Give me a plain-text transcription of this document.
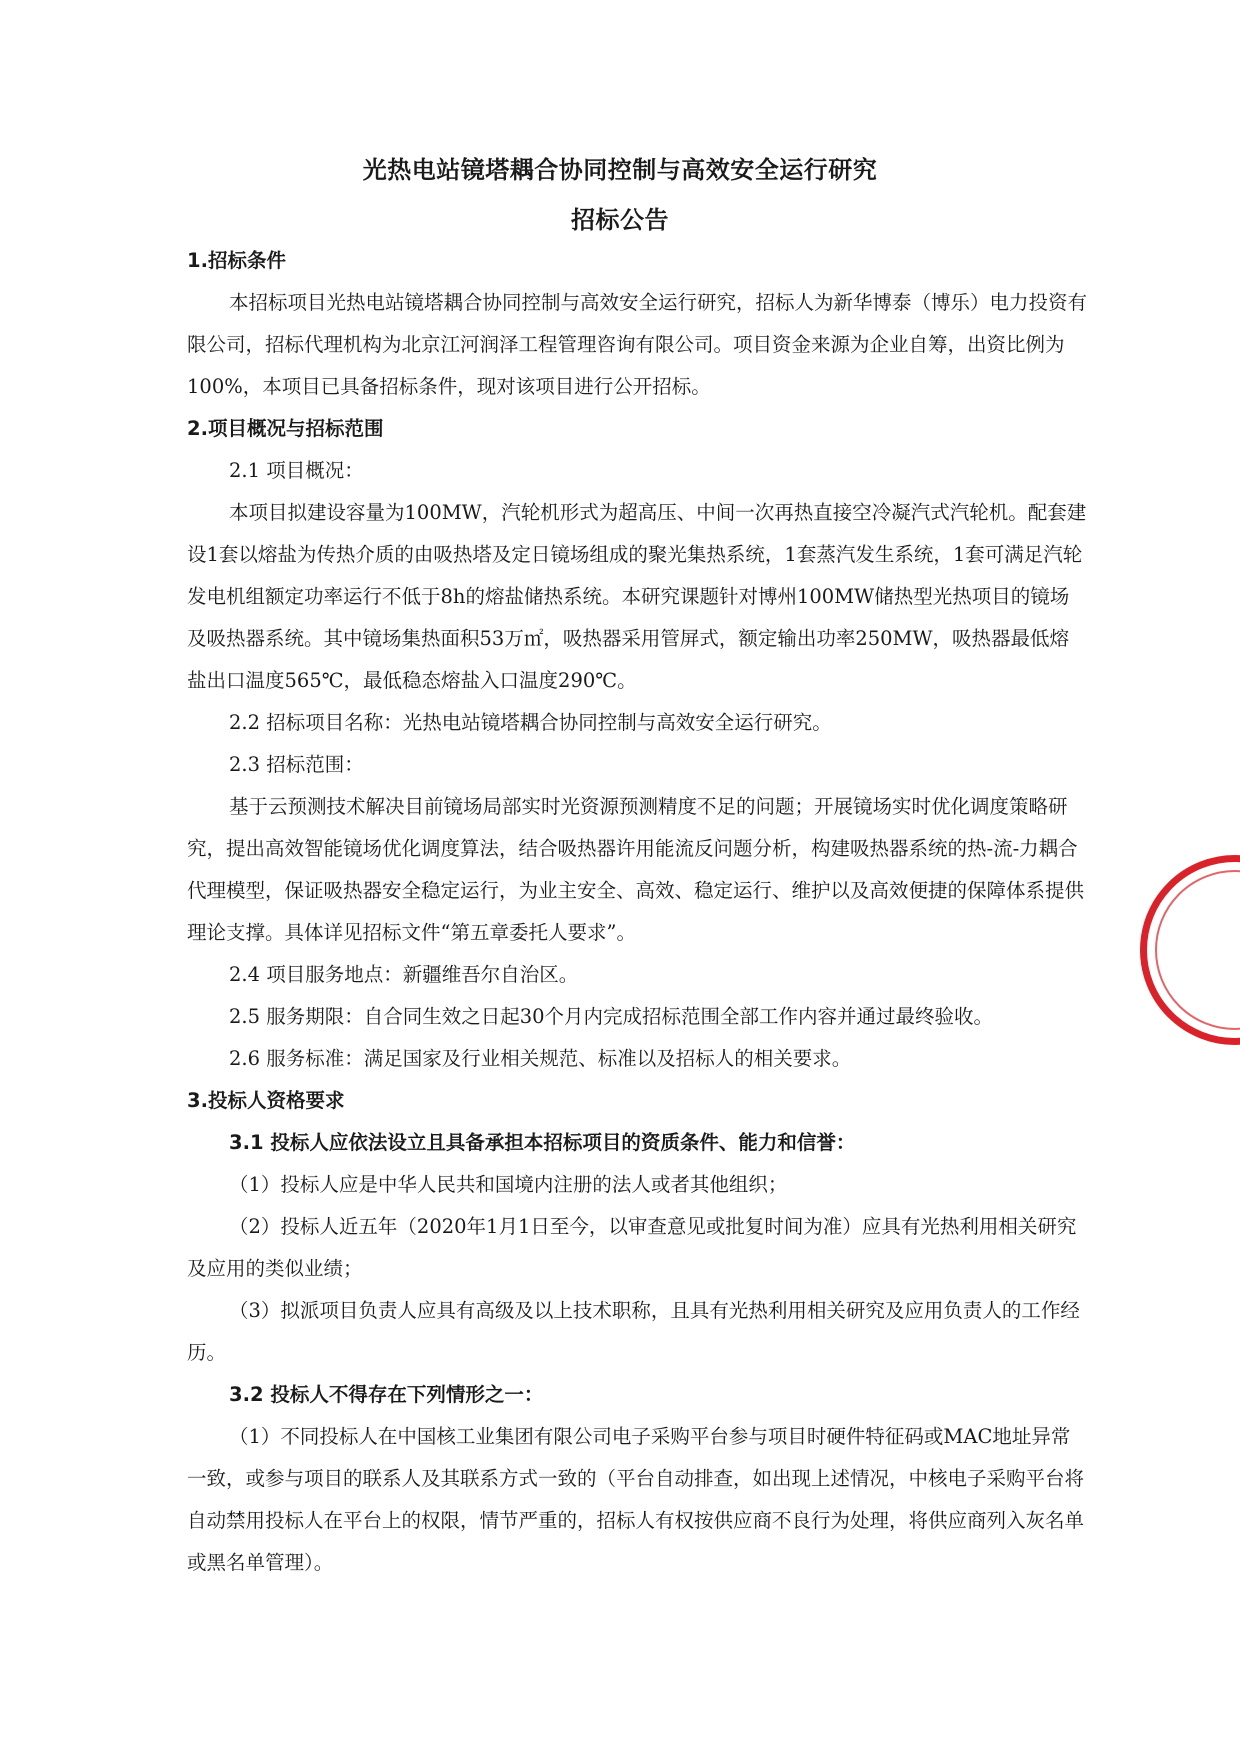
光热电站镜塔耦合协同控制与高效安全运行研究
招标公告

1.招标条件

本招标项目光热电站镜塔耦合协同控制与高效安全运行研究，招标人为新华博泰（博乐）电力投资有限公司，招标代理机构为北京江河润泽工程管理咨询有限公司。项目资金来源为企业自筹，出资比例为100%，本项目已具备招标条件，现对该项目进行公开招标。

2.项目概况与招标范围

2.1 项目概况：

本项目拟建设容量为100MW，汽轮机形式为超高压、中间一次再热直接空冷凝汽式汽轮机。配套建设1套以熔盐为传热介质的由吸热塔及定日镜场组成的聚光集热系统，1套蒸汽发生系统，1套可满足汽轮发电机组额定功率运行不低于8h的熔盐储热系统。本研究课题针对博州100MW储热型光热项目的镜场及吸热器系统。其中镜场集热面积53万㎡，吸热器采用管屏式，额定输出功率250MW，吸热器最低熔盐出口温度565℃，最低稳态熔盐入口温度290℃。

2.2 招标项目名称：光热电站镜塔耦合协同控制与高效安全运行研究。

2.3 招标范围：

基于云预测技术解决目前镜场局部实时光资源预测精度不足的问题；开展镜场实时优化调度策略研究，提出高效智能镜场优化调度算法，结合吸热器许用能流反问题分析，构建吸热器系统的热-流-力耦合代理模型，保证吸热器安全稳定运行，为业主安全、高效、稳定运行、维护以及高效便捷的保障体系提供理论支撑。具体详见招标文件“第五章委托人要求”。

2.4 项目服务地点：新疆维吾尔自治区。

2.5 服务期限：自合同生效之日起30个月内完成招标范围全部工作内容并通过最终验收。

2.6 服务标准：满足国家及行业相关规范、标准以及招标人的相关要求。

3.投标人资格要求

3.1 投标人应依法设立且具备承担本招标项目的资质条件、能力和信誉：

（1）投标人应是中华人民共和国境内注册的法人或者其他组织；

（2）投标人近五年（2020年1月1日至今，以审查意见或批复时间为准）应具有光热利用相关研究及应用的类似业绩；

（3）拟派项目负责人应具有高级及以上技术职称，且具有光热利用相关研究及应用负责人的工作经历。

3.2 投标人不得存在下列情形之一：

（1）不同投标人在中国核工业集团有限公司电子采购平台参与项目时硬件特征码或MAC地址异常一致，或参与项目的联系人及其联系方式一致的（平台自动排查，如出现上述情况，中核电子采购平台将自动禁用投标人在平台上的权限，情节严重的，招标人有权按供应商不良行为处理，将供应商列入灰名单或黑名单管理）。
